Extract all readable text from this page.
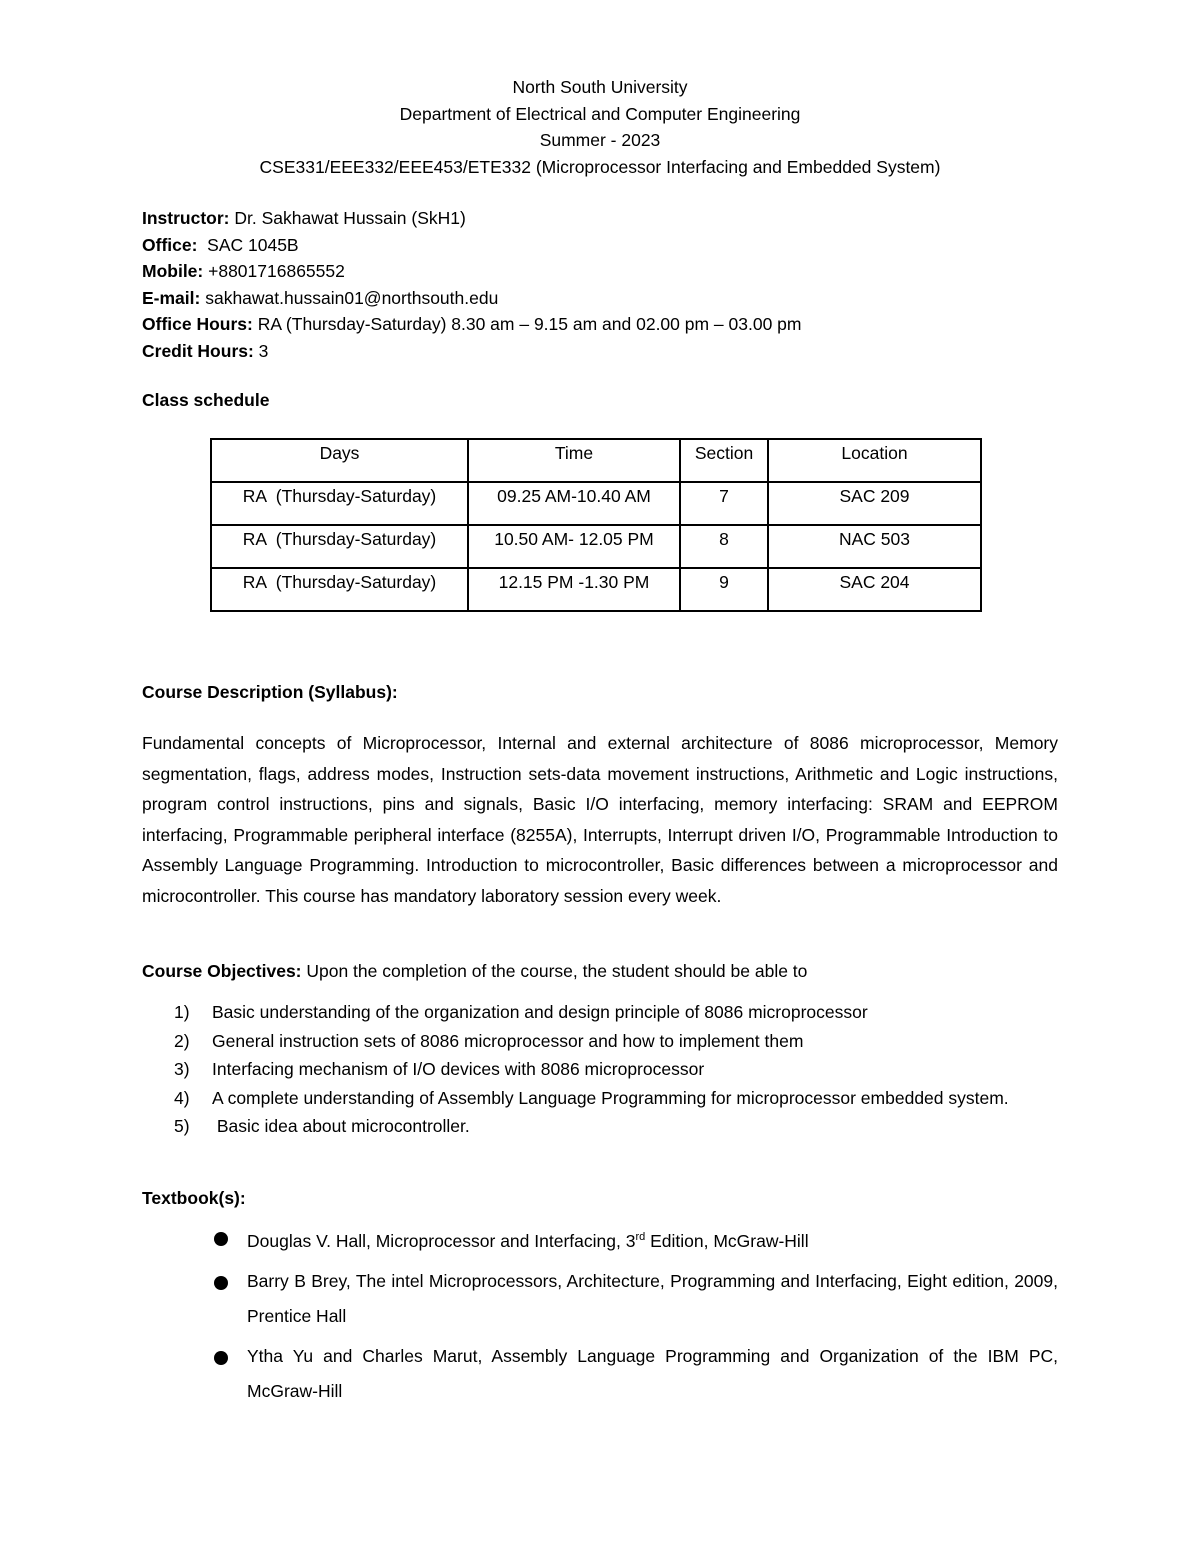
North South University
Department of Electrical and Computer Engineering
Summer - 2023
CSE331/EEE332/EEE453/ETE332 (Microprocessor Interfacing and Embedded System)
Instructor: Dr. Sakhawat Hussain (SkH1)
Office:  SAC 1045B
Mobile: +8801716865552
E-mail: sakhawat.hussain01@northsouth.edu
Office Hours: RA (Thursday-Saturday) 8.30 am – 9.15 am and 02.00 pm – 03.00 pm
Credit Hours: 3
Class schedule
Days	Time	Section	Location
RA  (Thursday-Saturday)	09.25 AM-10.40 AM	7	SAC 209
RA  (Thursday-Saturday)	10.50 AM- 12.05 PM	8	NAC 503
RA  (Thursday-Saturday)	12.15 PM -1.30 PM	9	SAC 204
Course Description (Syllabus):
Fundamental concepts of Microprocessor, Internal and external architecture of 8086 microprocessor, Memory segmentation, flags, address modes, Instruction sets-data movement instructions, Arithmetic and Logic instructions, program control instructions, pins and signals, Basic I/O interfacing, memory interfacing: SRAM and EEPROM interfacing, Programmable peripheral interface (8255A), Interrupts, Interrupt driven I/O, Programmable Introduction to Assembly Language Programming. Introduction to microcontroller, Basic differences between a microprocessor and microcontroller. This course has mandatory laboratory session every week.
Course Objectives: Upon the completion of the course, the student should be able to
1) Basic understanding of the organization and design principle of 8086 microprocessor
2) General instruction sets of 8086 microprocessor and how to implement them
3) Interfacing mechanism of I/O devices with 8086 microprocessor
4) A complete understanding of Assembly Language Programming for microprocessor embedded system.
5) Basic idea about microcontroller.
Textbook(s):
Douglas V. Hall, Microprocessor and Interfacing, 3rd Edition, McGraw-Hill
Barry B Brey, The intel Microprocessors, Architecture, Programming and Interfacing, Eight edition, 2009, Prentice Hall
Ytha Yu and Charles Marut, Assembly Language Programming and Organization of the IBM PC, McGraw-Hill
